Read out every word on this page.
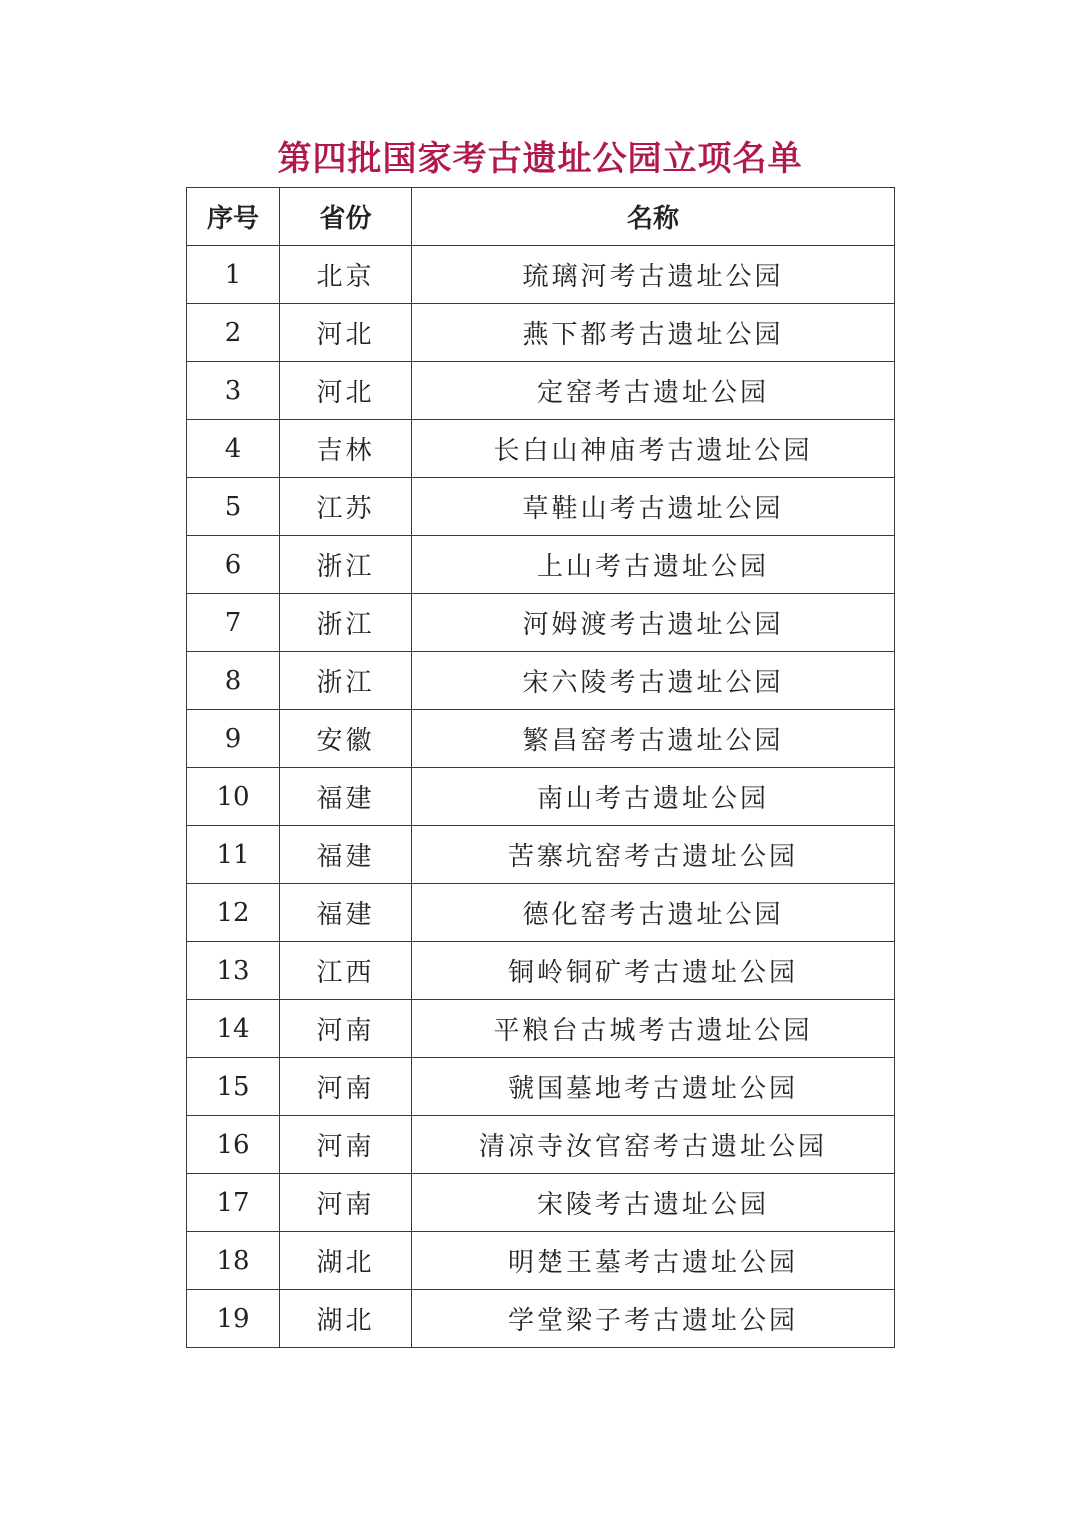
第四批国家考古遗址公园立项名单
序号	省份	名称
1	北京	琉璃河考古遗址公园
2	河北	燕下都考古遗址公园
3	河北	定窑考古遗址公园
4	吉林	长白山神庙考古遗址公园
5	江苏	草鞋山考古遗址公园
6	浙江	上山考古遗址公园
7	浙江	河姆渡考古遗址公园
8	浙江	宋六陵考古遗址公园
9	安徽	繁昌窑考古遗址公园
10	福建	南山考古遗址公园
11	福建	苦寨坑窑考古遗址公园
12	福建	德化窑考古遗址公园
13	江西	铜岭铜矿考古遗址公园
14	河南	平粮台古城考古遗址公园
15	河南	虢国墓地考古遗址公园
16	河南	清凉寺汝官窑考古遗址公园
17	河南	宋陵考古遗址公园
18	湖北	明楚王墓考古遗址公园
19	湖北	学堂梁子考古遗址公园
